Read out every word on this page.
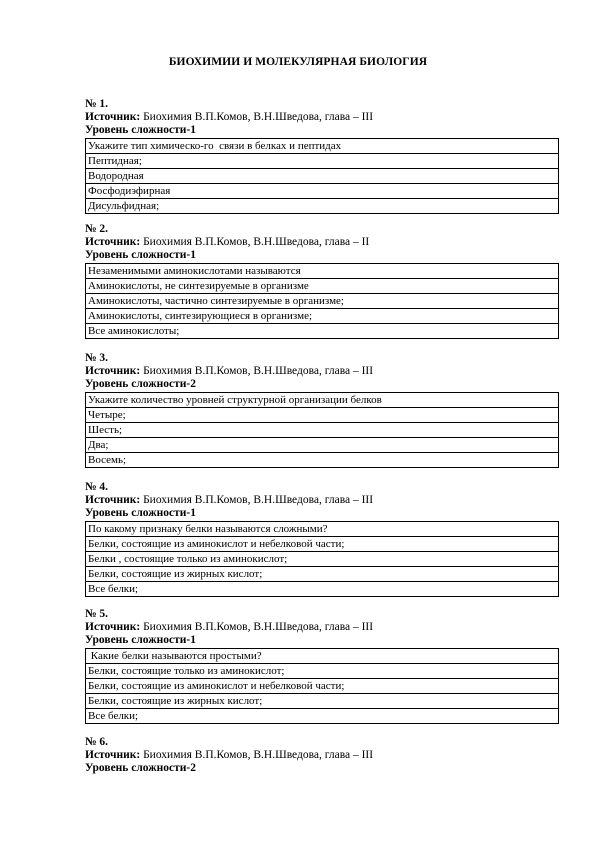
БИОХИМИИ И МОЛЕКУЛЯРНАЯ БИОЛОГИЯ
№ 1.
Источник: Биохимия В.П.Комов, В.Н.Шведова, глава – III
Уровень сложности-1
Укажите тип химическо-го  связи в белках и пептидах
Пептидная;
Водородная
Фосфодиэфирная
Дисульфидная;
№ 2.
Источник: Биохимия В.П.Комов, В.Н.Шведова, глава – II
Уровень сложности-1
Незаменимыми аминокислотами называются
Аминокислоты, не синтезируемые в организме
Аминокислоты, частично синтезируемые в организме;
Аминокислоты, синтезирующиеся в организме;
Все аминокислоты;
№ 3.
Источник: Биохимия В.П.Комов, В.Н.Шведова, глава – III
Уровень сложности-2
Укажите количество уровней структурной организации белков
Четыре;
Шесть;
Два;
Восемь;
№ 4.
Источник: Биохимия В.П.Комов, В.Н.Шведова, глава – III
Уровень сложности-1
По какому признаку белки называются сложными?
Белки, состоящие из аминокислот и небелковой части;
Белки , состоящие только из аминокислот;
Белки, состоящие из жирных кислот;
Все белки;
№ 5.
Источник: Биохимия В.П.Комов, В.Н.Шведова, глава – III
Уровень сложности-1
Какие белки называются простыми?
Белки, состоящие только из аминокислот;
Белки, состоящие из аминокислот и небелковой части;
Белки, состоящие из жирных кислот;
Все белки;
№ 6.
Источник: Биохимия В.П.Комов, В.Н.Шведова, глава – III
Уровень сложности-2
